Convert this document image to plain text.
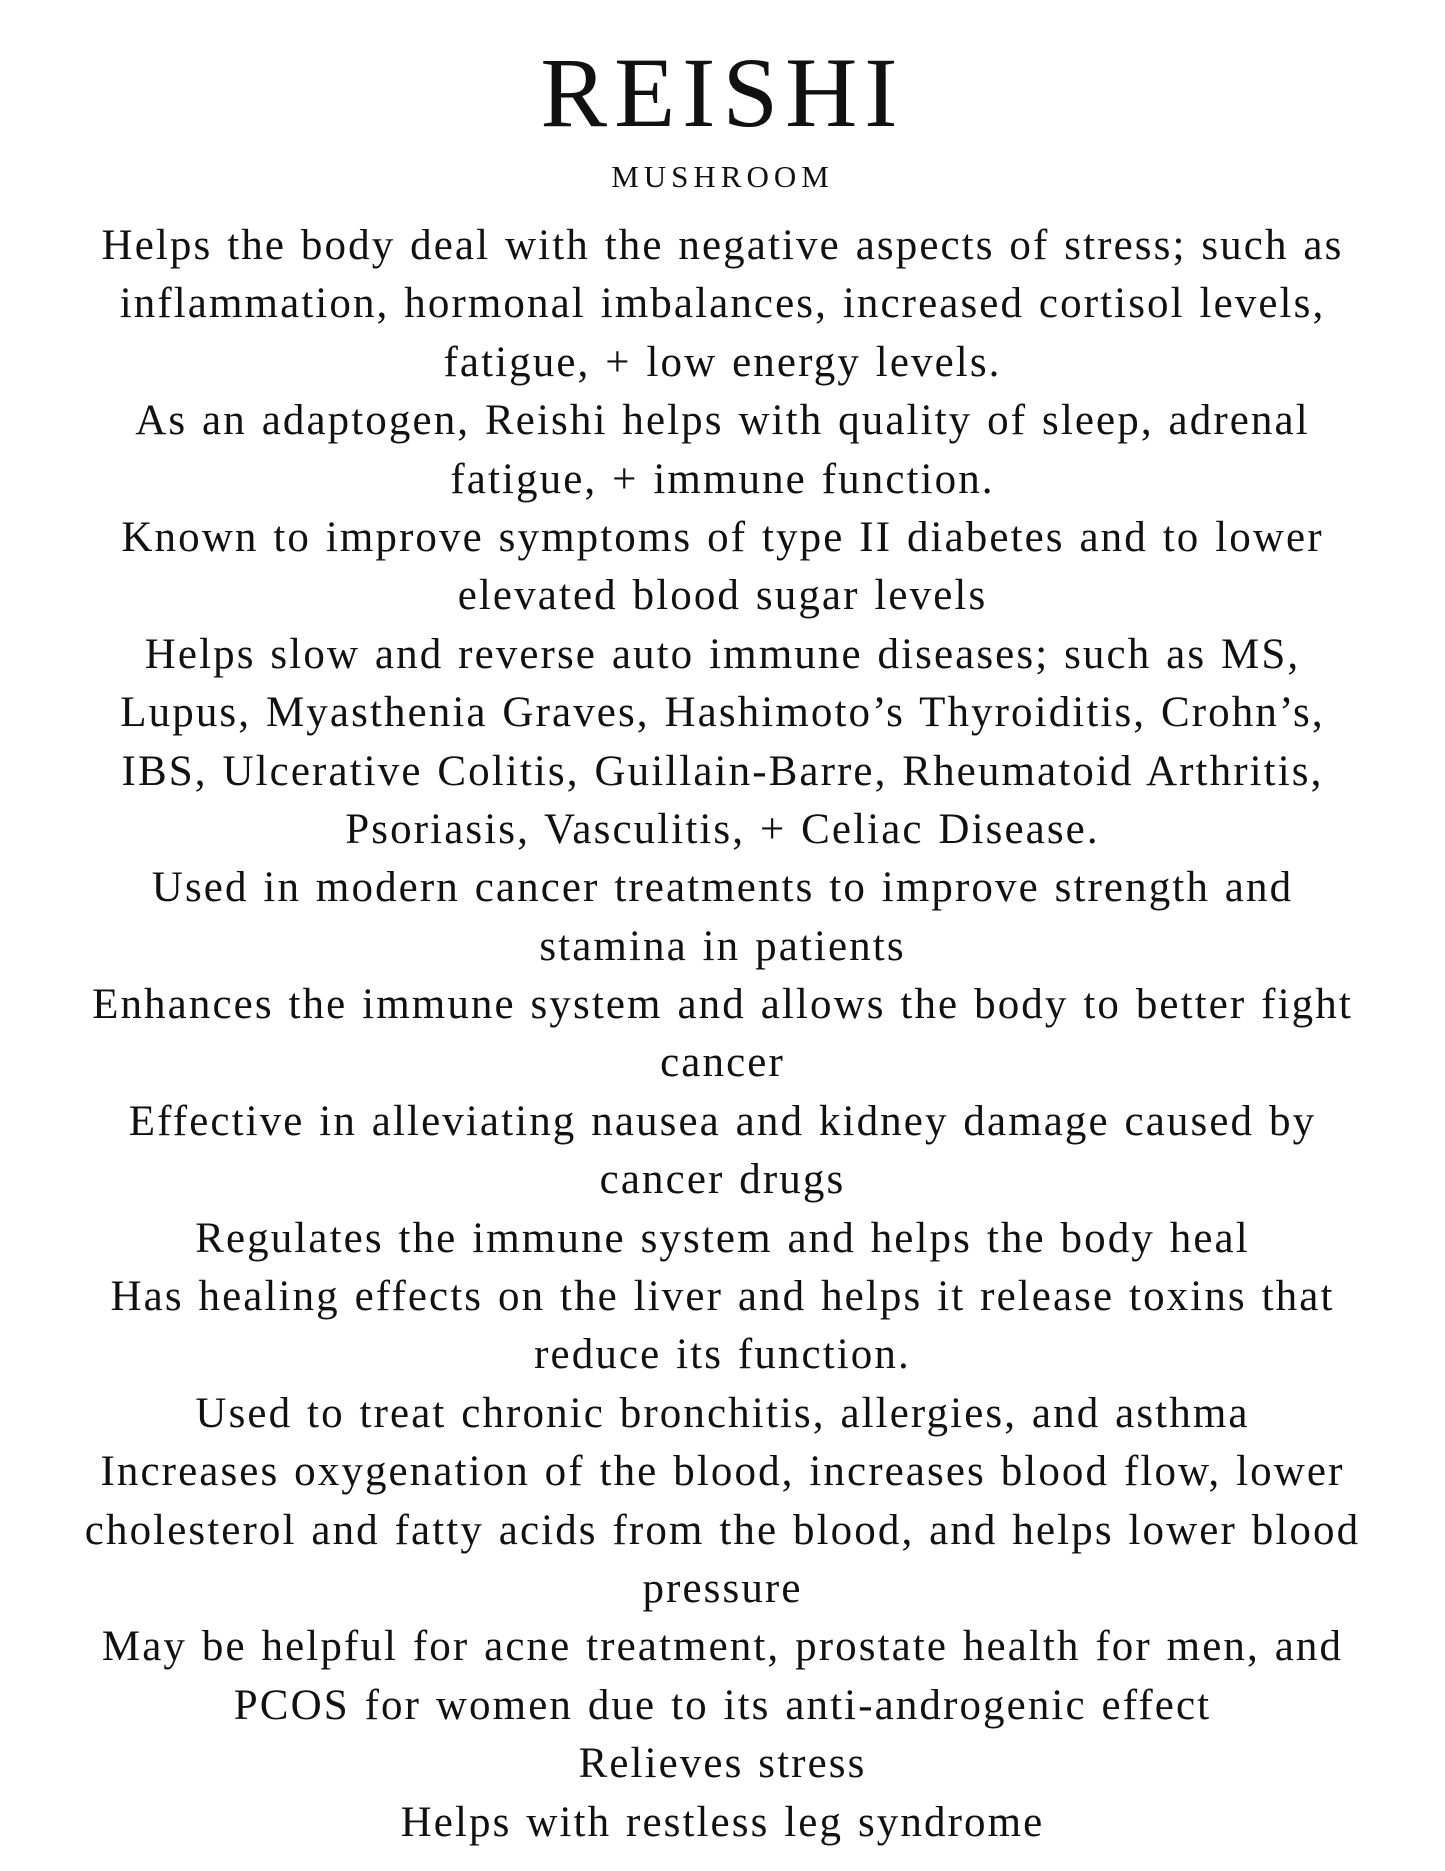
REISHI
MUSHROOM
Helps the body deal with the negative aspects of stress; such as
inflammation, hormonal imbalances, increased cortisol levels,
fatigue, + low energy levels.
As an adaptogen, Reishi helps with quality of sleep, adrenal
fatigue, + immune function.
Known to improve symptoms of type II diabetes and to lower
elevated blood sugar levels
Helps slow and reverse auto immune diseases; such as MS,
Lupus, Myasthenia Graves, Hashimoto’s Thyroiditis, Crohn’s,
IBS, Ulcerative Colitis, Guillain-Barre, Rheumatoid Arthritis,
Psoriasis, Vasculitis, + Celiac Disease.
Used in modern cancer treatments to improve strength and
stamina in patients
Enhances the immune system and allows the body to better fight
cancer
Effective in alleviating nausea and kidney damage caused by
cancer drugs
Regulates the immune system and helps the body heal
Has healing effects on the liver and helps it release toxins that
reduce its function.
Used to treat chronic bronchitis, allergies, and asthma
Increases oxygenation of the blood, increases blood flow, lower
cholesterol and fatty acids from the blood, and helps lower blood
pressure
May be helpful for acne treatment, prostate health for men, and
PCOS for women due to its anti-androgenic effect
Relieves stress
Helps with restless leg syndrome
